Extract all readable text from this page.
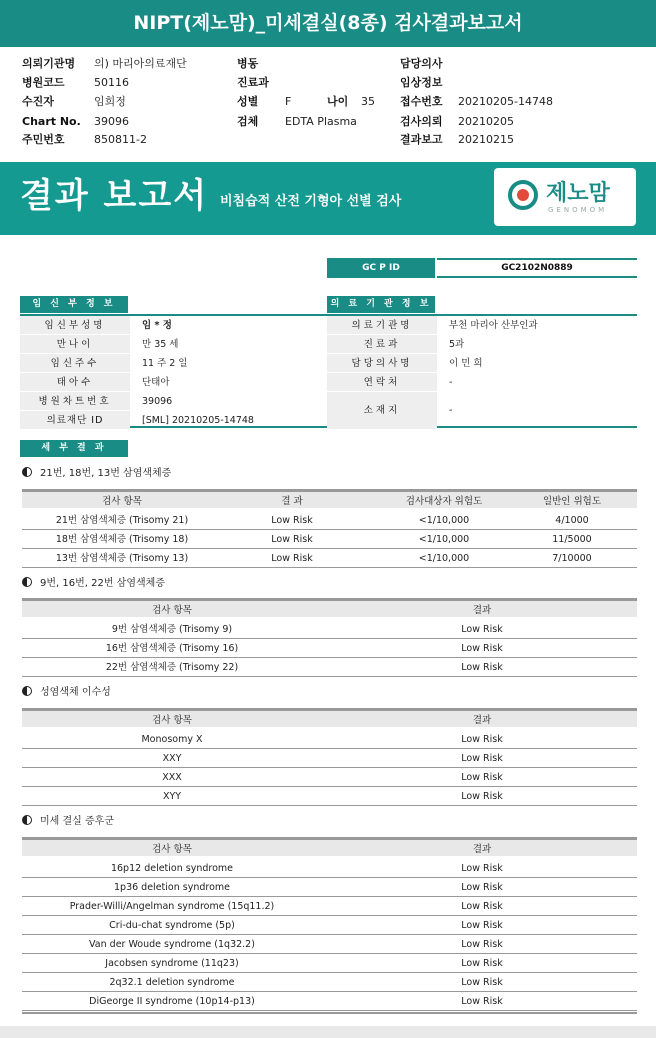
NIPT(제노맘)_미세결실(8종) 검사결과보고서
의뢰기관명 의) 마리아의료재단
병원코드	50116
수진자	임희정
Chart No. 39096
주민번호	850811-2
병동
진료과
성별 F	나이 35
검체 EDTA Plasma
담당의사
임상정보
접수번호 20210205-14748
검사의뢰 20210205
결과보고 20210215
결과 보고서 비침습적 산전 기형아 선별 검사	제노맘
GENOMOM
GC P ID	GC2102N0889
임 신 부 정 보
임신부성명	임 * 정
만나이	만 35 세
임신주수	11 주 2 일
태아수	단태아
병원차트번호	39096
의료재단 ID	[SML] 20210205-14748
의 료 기 관 정 보
의료기관명	부천 마리아 산부인과
진료과	5과
담당의사명	이 민 희
연락처	-
소재지	-
세 부 결 과
21번, 18번, 13번 삼염색체증
검사 항목	결 과	검사대상자 위험도	일반인 위험도
21번 삼염색체증 (Trisomy 21)	Low Risk	<1/10,000	4/1000
18번 삼염색체증 (Trisomy 18)	Low Risk	<1/10,000	11/5000
13번 삼염색체증 (Trisomy 13)	Low Risk	<1/10,000	7/10000
9번, 16번, 22번 삼염색체증
검사 항목	결과
9번 삼염색체증 (Trisomy 9)	Low Risk
16번 삼염색체증 (Trisomy 16)	Low Risk
22번 삼염색체증 (Trisomy 22)	Low Risk
성염색체 이수성
검사 항목	결과
Monosomy X	Low Risk
XXY	Low Risk
XXX	Low Risk
XYY	Low Risk
미세 결실 증후군
검사 항목	결과
16p12 deletion syndrome	Low Risk
1p36 deletion syndrome	Low Risk
Prader-Willi/Angelman syndrome (15q11.2)	Low Risk
Cri-du-chat syndrome (5p)	Low Risk
Van der Woude syndrome (1q32.2)	Low Risk
Jacobsen syndrome (11q23)	Low Risk
2q32.1 deletion syndrome	Low Risk
DiGeorge II syndrome (10p14-p13)	Low Risk
